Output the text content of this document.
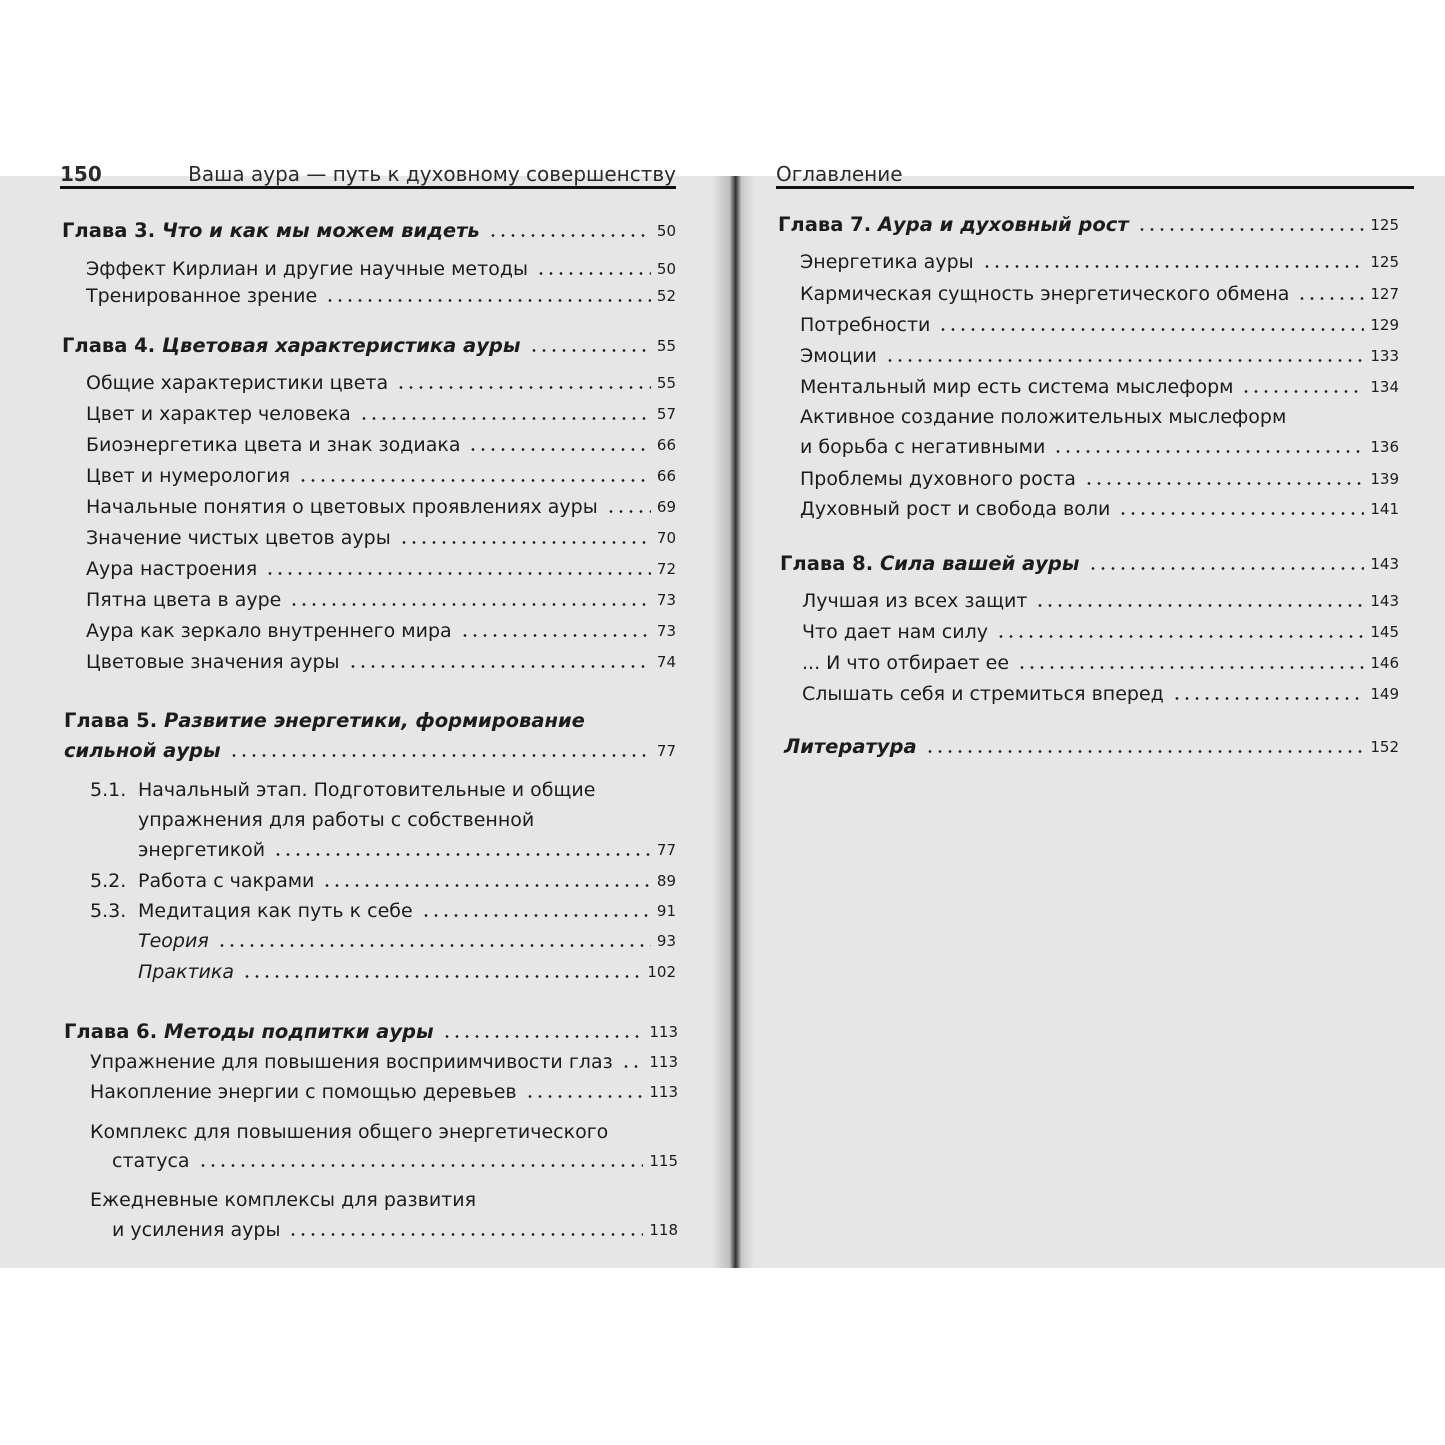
150	Ваша аура — путь к духовному совершенству
Глава 3. Что и как мы можем видеть	50
Эффект Кирлиан и другие научные методы	50
Тренированное зрение	52
Глава 4. Цветовая характеристика ауры	55
Общие характеристики цвета	55
Цвет и характер человека	57
Биоэнергетика цвета и знак зодиака	66
Цвет и нумерология	66
Начальные понятия о цветовых проявлениях ауры	69
Значение чистых цветов ауры	70
Аура настроения	72
Пятна цвета в ауре	73
Аура как зеркало внутреннего мира	73
Цветовые значения ауры	74
Глава 5. Развитие энергетики, формирование
сильной ауры	77
5.1. Начальный этап. Подготовительные и общие
упражнения для работы с собственной
энергетикой	77
5.2. Работа с чакрами	89
5.3. Медитация как путь к себе	91
Теория	93
Практика	102
Глава 6. Методы подпитки ауры	113
Упражнение для повышения восприимчивости глаз 113
Накопление энергии с помощью деревьев	113
Комплекс для повышения общего энергетического
статуса	115
Ежедневные комплексы для развития
и усиления ауры	118
Оглавление
Глава 7. Аура и духовный рост	125
Энергетика ауры	125
Кармическая сущность энергетического обмена	127
Потребности	129
Эмоции	133
Ментальный мир есть система мыслеформ	134
Активное создание положительных мыслеформ
и борьба с негативными	136
Проблемы духовного роста	139
Духовный рост и свобода воли	141
Глава 8. Сила вашей ауры	143
Лучшая из всех защит	143
Что дает нам силу	145
... И что отбирает ее	146
Слышать себя и стремиться вперед	149
Литература	152
